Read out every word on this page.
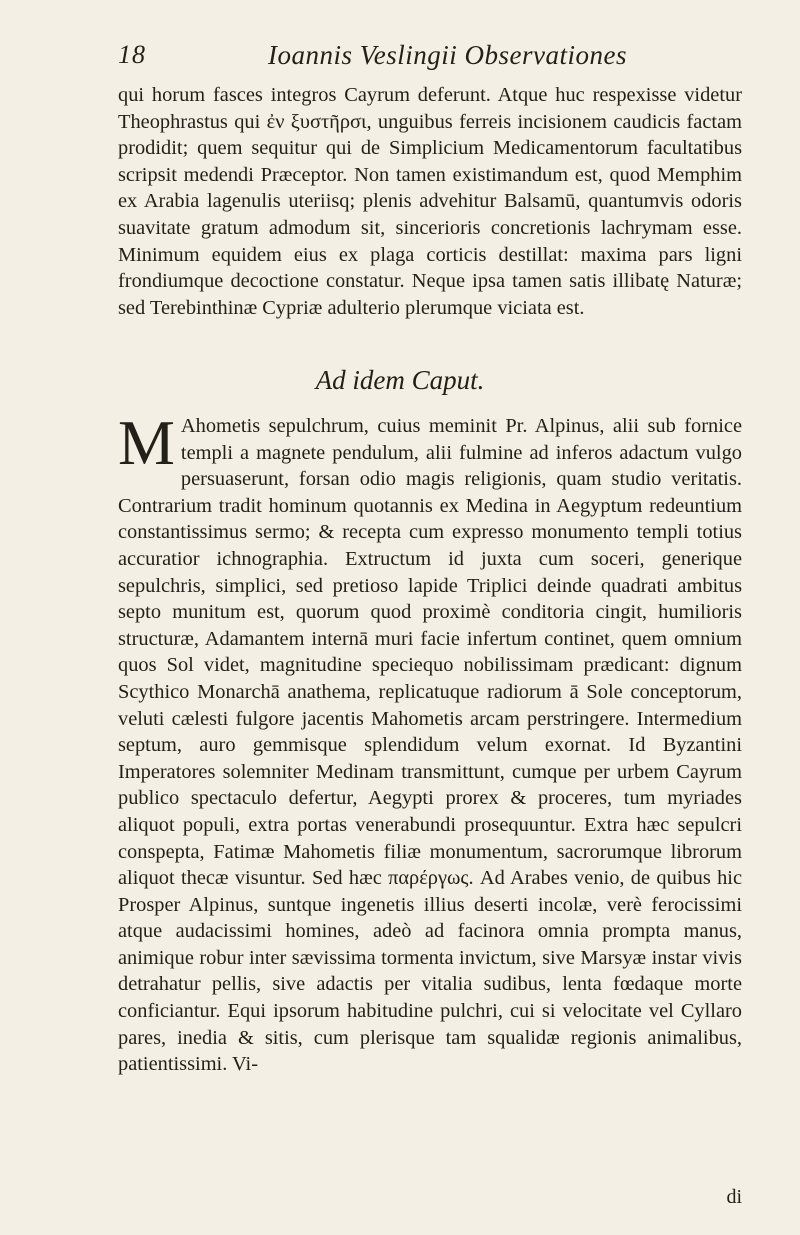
18	Ioannis Veslingii Observationes
qui horum fasces integros Cayrum deferunt. Atque huc respexisse videtur Theophrastus qui ἐν ξυστῆρσι, unguibus ferreis incisionem caudicis factam prodidit; quem sequitur qui de Simplicium Medicamentorum facultatibus scripsit medendi Præceptor. Non tamen existimandum est, quod Memphim ex Arabia lagenulis uteriisq; plenis advehitur Balsamū, quantumvis odoris suavitate gratum admodum sit, sincerioris concretionis lachrymam esse. Minimum equidem eius ex plaga corticis destillat: maxima pars ligni frondiumque decoctione constatur. Neque ipsa tamen satis illibatę Naturæ; sed Terebinthinæ Cypriæ adulterio plerumque viciata est.
Ad idem Caput.
M Ahometis sepulchrum, cuius meminit Pr. Alpinus, alii sub fornice templi a magnete pendulum, alii fulmine ad inferos adactum vulgo persuaserunt, forsan odio magis religionis, quam studio veritatis. Contrarium tradit hominum quotannis ex Medina in Aegyptum redeuntium constantissimus sermo; & recepta cum expresso monumento templi totius accuratior ichnographia. Extructum id juxta cum soceri, generique sepulchris, simplici, sed pretioso lapide Triplici deinde quadrati ambitus septo munitum est, quorum quod proximè conditoria cingit, humilioris structuræ, Adamantem internā muri facie infertum continet, quem omnium quos Sol videt, magnitudine speciequo nobilissimam prædicant: dignum Scythico Monarchā anathema, replicatuque radiorum ā Sole conceptorum, veluti cælesti fulgore jacentis Mahometis arcam perstringere. Intermedium septum, auro gemmisque splendidum velum exornat. Id Byzantini Imperatores solemniter Medinam transmittunt, cumque per urbem Cayrum publico spectaculo defertur, Aegypti prorex & proceres, tum myriades aliquot populi, extra portas venerabundi prosequuntur. Extra hæc sepulcri conspepta, Fatimæ Mahometis filiæ monumentum, sacrorumque librorum aliquot thecæ visuntur. Sed hæc παρέργως. Ad Arabes venio, de quibus hic Prosper Alpinus, suntque ingenetis illius deserti incolæ, verè ferocissimi atque audacissimi homines, adeò ad facinora omnia prompta manus, animique robur inter sævissima tormenta invictum, sive Marsyæ instar vivis detrahatur pellis, sive adactis per vitalia sudibus, lenta fœdaque morte conficiantur. Equi ipsorum habitudine pulchri, cui si velocitate vel Cyllaro pares, inedia & sitis, cum plerisque tam squalidæ regionis animalibus, patientissimi. Vi-
di
